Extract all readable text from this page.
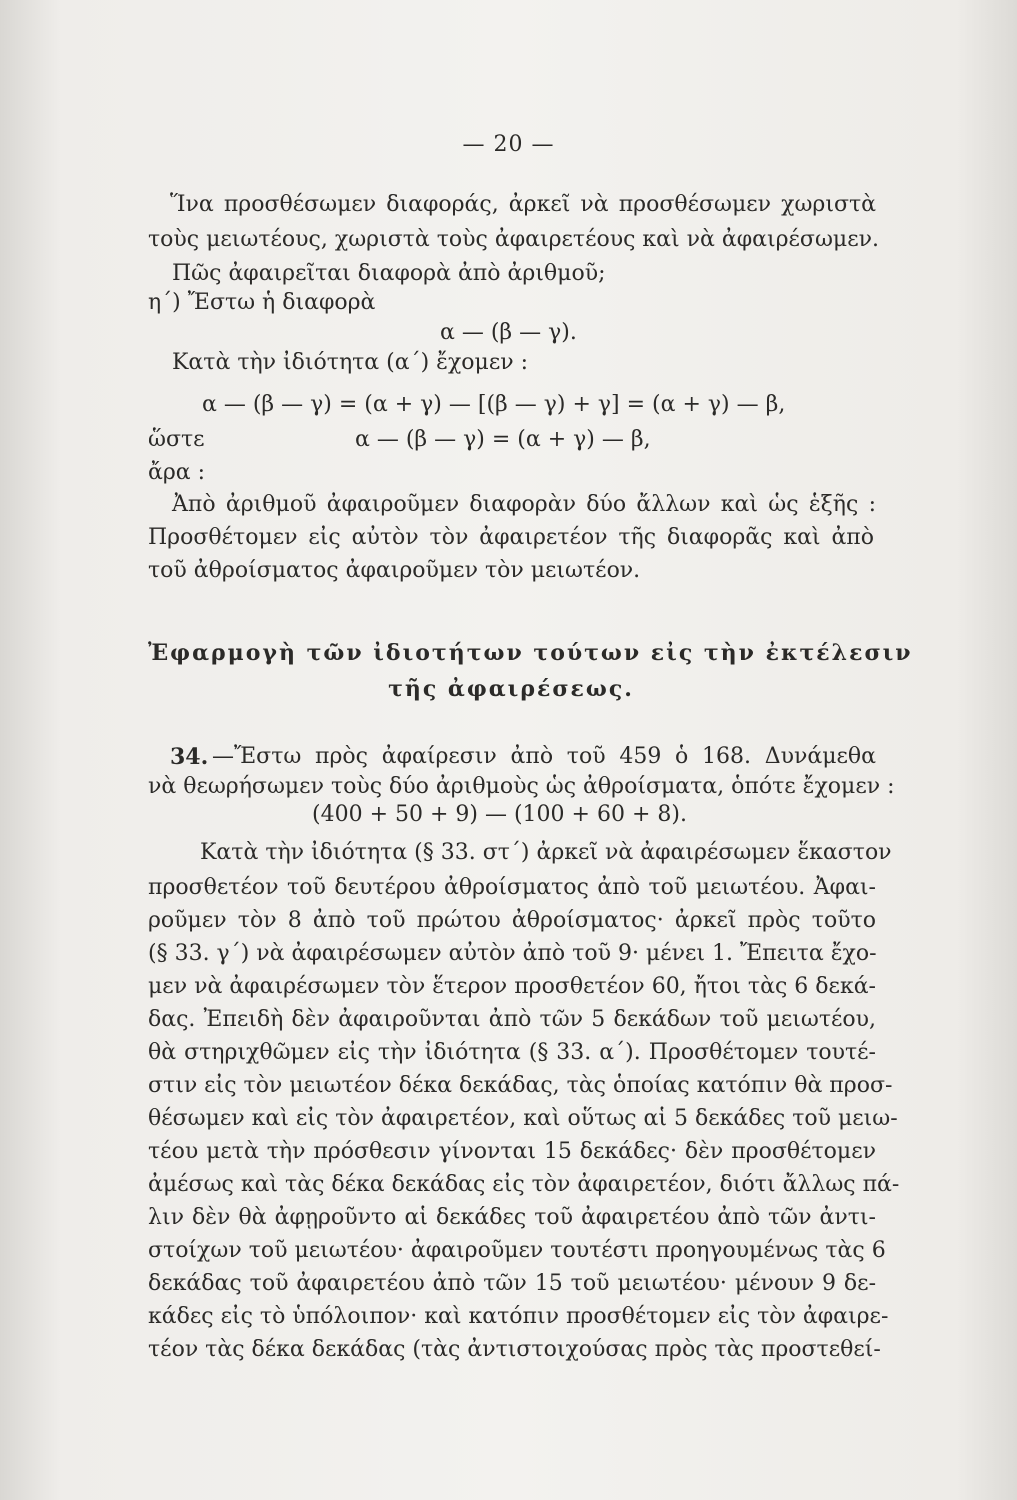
— 20 —
Ἵνα προσθέσωμεν διαφοράς, ἀρκεῖ νὰ προσθέσωμεν χωριστὰ
τοὺς μειωτέους, χωριστὰ τοὺς ἀφαιρετέους καὶ νὰ ἀφαιρέσωμεν.
Πῶς ἀφαιρεῖται διαφορὰ ἀπὸ ἀριθμοῦ;
η΄) Ἔστω ἡ διαφορὰ
α — (β — γ).
Κατὰ τὴν ἰδιότητα (α΄) ἔχομεν :
α — (β — γ) = (α + γ) — [(β — γ) + γ] = (α + γ) — β,
ὥστε	α — (β — γ) = (α + γ) — β,
ἄρα :
Ἀπὸ ἀριθμοῦ ἀφαιροῦμεν διαφορὰν δύο ἄλλων καὶ ὡς ἑξῆς :
Προσθέτομεν εἰς αὐτὸν τὸν ἀφαιρετέον τῆς διαφορᾶς καὶ ἀπὸ
τοῦ ἀθροίσματος ἀφαιροῦμεν τὸν μειωτέον.
Ἐφαρμογὴ τῶν ἰδιοτήτων τούτων εἰς τὴν ἐκτέλεσιν
τῆς ἀφαιρέσεως.
34. —Ἔστω πρὸς ἀφαίρεσιν ἀπὸ τοῦ 459 ὁ 168. Δυνάμεθα
νὰ θεωρήσωμεν τοὺς δύο ἀριθμοὺς ὡς ἀθροίσματα, ὁπότε ἔχομεν :
(400 + 50 + 9) — (100 + 60 + 8).
Κατὰ τὴν ἰδιότητα (§ 33. στ΄) ἀρκεῖ νὰ ἀφαιρέσωμεν ἕκαστον
προσθετέον τοῦ δευτέρου ἀθροίσματος ἀπὸ τοῦ μειωτέου. Ἀφαι-
ροῦμεν τὸν 8 ἀπὸ τοῦ πρώτου ἀθροίσματος· ἀρκεῖ πρὸς τοῦτο
(§ 33. γ΄) νὰ ἀφαιρέσωμεν αὐτὸν ἀπὸ τοῦ 9· μένει 1. Ἔπειτα ἔχο-
μεν νὰ ἀφαιρέσωμεν τὸν ἕτερον προσθετέον 60, ἤτοι τὰς 6 δεκά-
δας. Ἐπειδὴ δὲν ἀφαιροῦνται ἀπὸ τῶν 5 δεκάδων τοῦ μειωτέου,
θὰ στηριχθῶμεν εἰς τὴν ἰδιότητα (§ 33. α΄). Προσθέτομεν τουτέ-
στιν εἰς τὸν μειωτέον δέκα δεκάδας, τὰς ὁποίας κατόπιν θὰ προσ-
θέσωμεν καὶ εἰς τὸν ἀφαιρετέον, καὶ οὕτως αἱ 5 δεκάδες τοῦ μειω-
τέου μετὰ τὴν πρόσθεσιν γίνονται 15 δεκάδες· δὲν προσθέτομεν
ἀμέσως καὶ τὰς δέκα δεκάδας εἰς τὸν ἀφαιρετέον, διότι ἄλλως πά-
λιν δὲν θὰ ἀφῃροῦντο αἱ δεκάδες τοῦ ἀφαιρετέου ἀπὸ τῶν ἀντι-
στοίχων τοῦ μειωτέου· ἀφαιροῦμεν τουτέστι προηγουμένως τὰς 6
δεκάδας τοῦ ἀφαιρετέου ἀπὸ τῶν 15 τοῦ μειωτέου· μένουν 9 δε-
κάδες εἰς τὸ ὑπόλοιπον· καὶ κατόπιν προσθέτομεν εἰς τὸν ἀφαιρε-
τέον τὰς δέκα δεκάδας (τὰς ἀντιστοιχούσας πρὸς τὰς προστεθεί-
